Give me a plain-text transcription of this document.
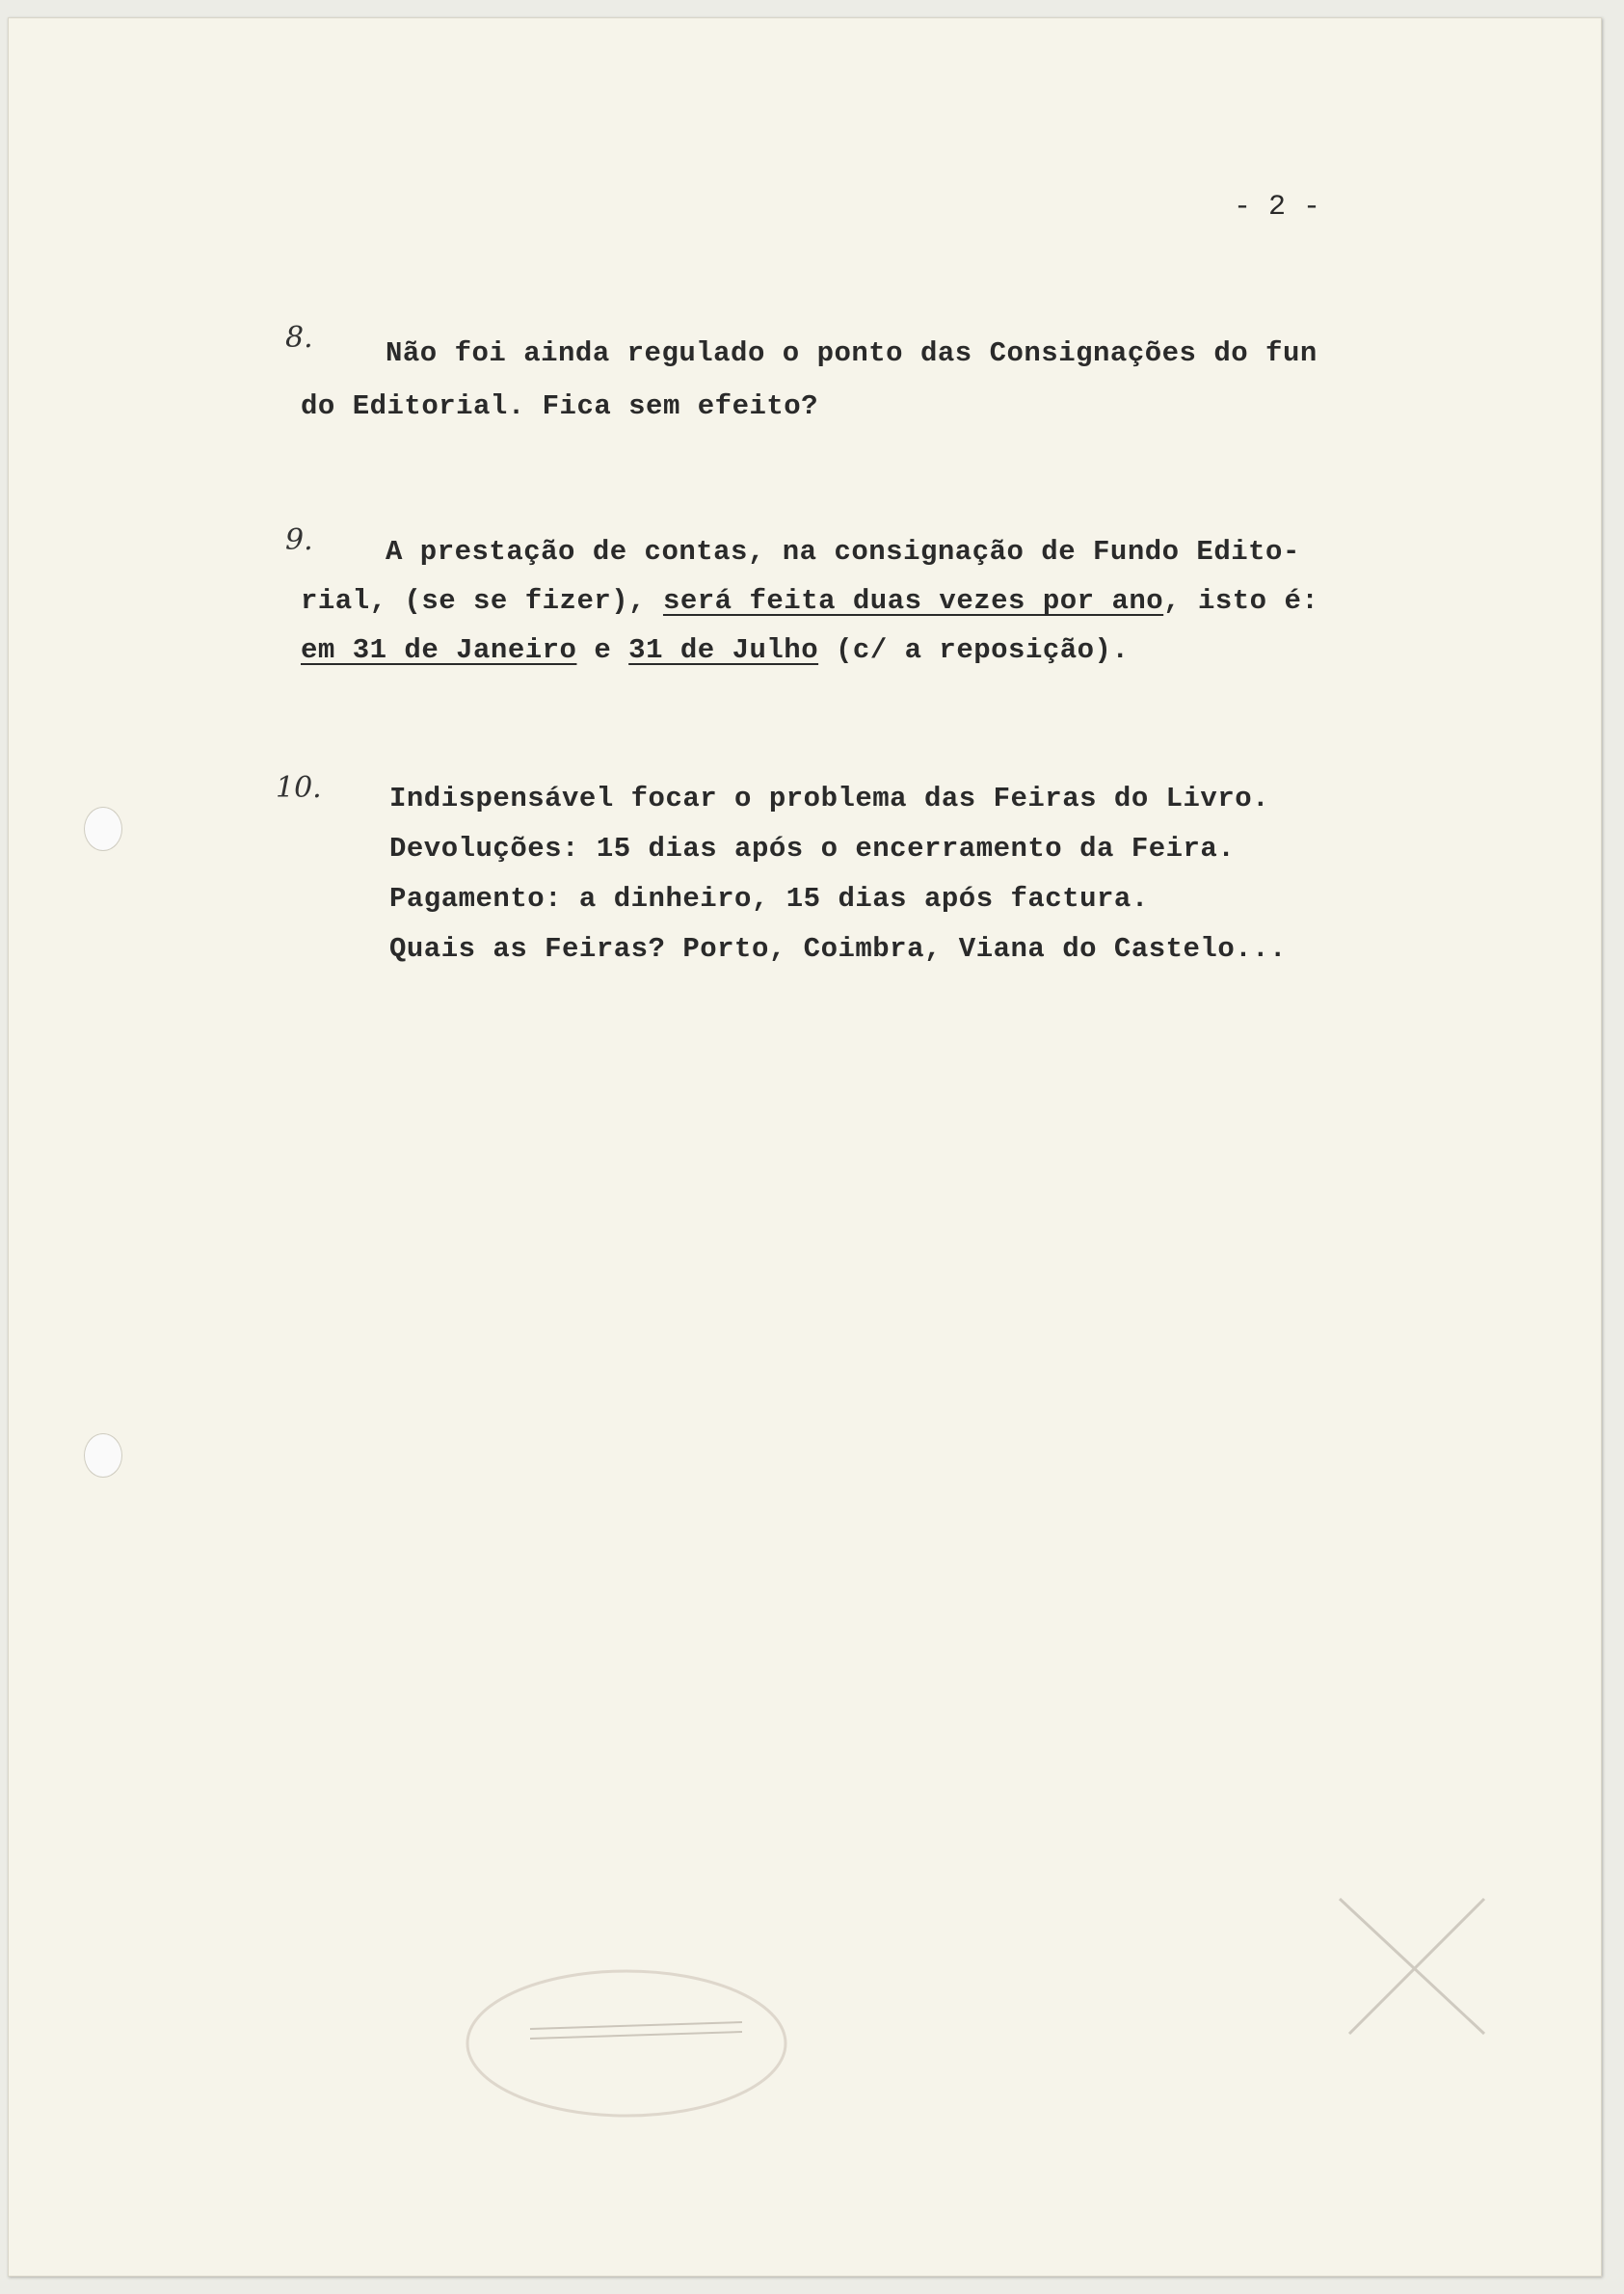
- 2 -
8.	Não foi ainda regulado o ponto das Consignações do fun
do Editorial. Fica sem efeito?
9.	A prestação de contas, na consignação de Fundo Edito-
rial, (se se fizer), será feita duas vezes por ano, isto é:
em 31 de Janeiro e 31 de Julho (c/ a reposição).
10. Indispensável focar o problema das Feiras do Livro.
Devoluções: 15 dias após o encerramento da Feira.
Pagamento: a dinheiro, 15 dias após factura.
Quais as Feiras? Porto, Coimbra, Viana do Castelo...
